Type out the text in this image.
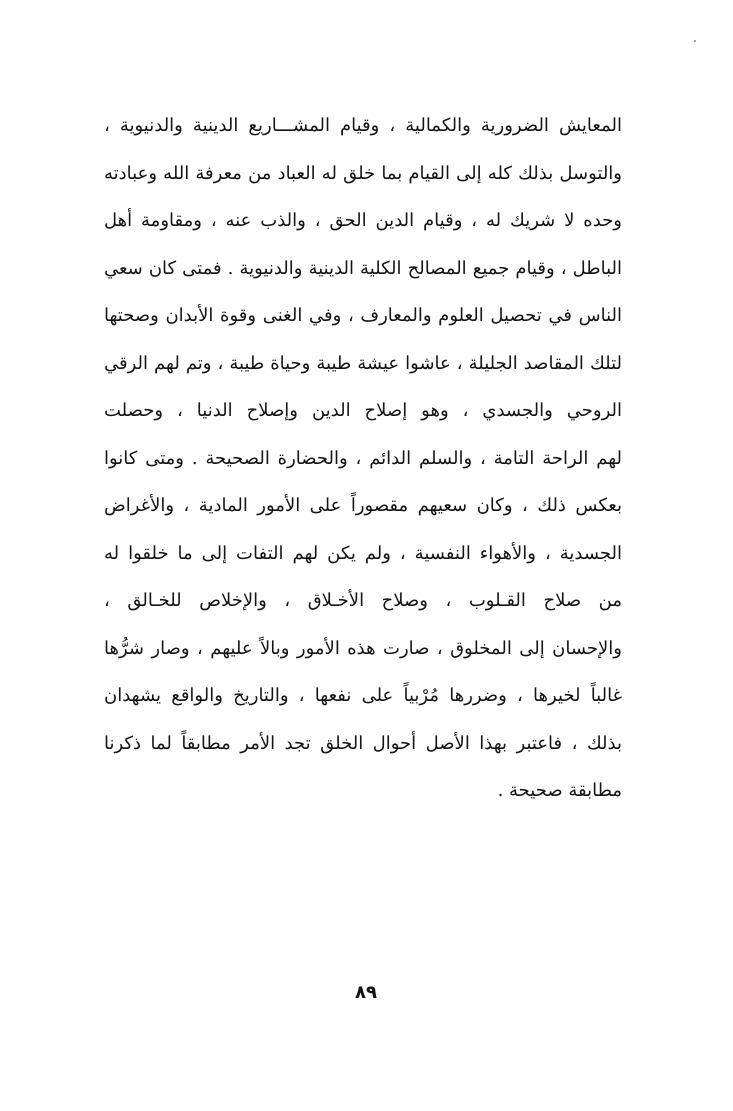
المعايش الضرورية والكمالية ، وقيام المشـــاريع الدينية والدنيوية ،
والتوسل بذلك كله إلى القيام بما خلق له العباد من معرفة الله وعبادته
وحده لا شريك له ، وقيام الدين الحق ، والذب عنه ، ومقاومة أهل
الباطل ، وقيام جميع المصالح الكلية الدينية والدنيوية . فمتى كان سعي
الناس في تحصيل العلوم والمعارف ، وفي الغنى وقوة الأبدان وصحتها
لتلك المقاصد الجليلة ، عاشوا عيشة طيبة وحياة طيبة ، وتم لهم الرقي
الروحي والجسدي ، وهو إصلاح الدين وإصلاح الدنيا ، وحصلت
لهم الراحة التامة ، والسلم الدائم ، والحضارة الصحيحة . ومتى كانوا
بعكس ذلك ، وكان سعيهم مقصوراً على الأمور المادية ، والأغراض
الجسدية ، والأهواء النفسية ، ولم يكن لهم التفات إلى ما خلقوا له
من صلاح القـلوب ، وصلاح الأخـلاق ، والإخلاص للخـالق ،
والإحسان إلى المخلوق ، صارت هذه الأمور وبالاً عليهم ، وصار شرُّها
غالباً لخيرها ، وضررها مُرْبياً على نفعها ، والتاريخ والواقع يشهدان
بذلك ، فاعتبر بهذا الأصل أحوال الخلق تجد الأمر مطابقاً لما ذكرنا
مطابقة صحيحة .
٨٩
